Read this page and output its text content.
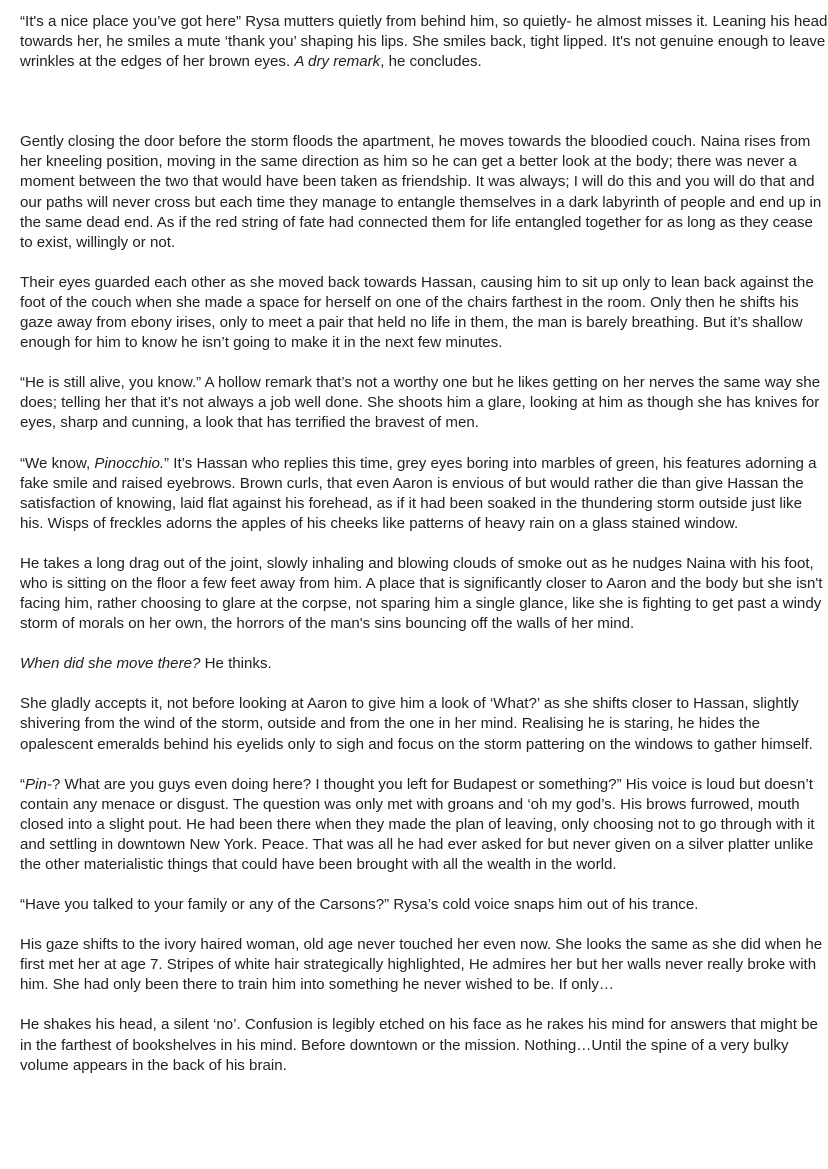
“It's a nice place you’ve got here” Rysa mutters quietly from behind him, so quietly- he almost misses it. Leaning his head towards her, he smiles a mute ‘thank you’ shaping his lips. She smiles back, tight lipped. It's not genuine enough to leave wrinkles at the edges of her brown eyes. A dry remark, he concludes.

Gently closing the door before the storm floods the apartment, he moves towards the bloodied couch. Naina rises from her kneeling position, moving in the same direction as him so he can get a better look at the body; there was never a moment between the two that would have been taken as friendship. It was always; I will do this and you will do that and our paths will never cross but each time they manage to entangle themselves in a dark labyrinth of people and end up in the same dead end. As if the red string of fate had connected them for life entangled together for as long as they cease to exist, willingly or not.

Their eyes guarded each other as she moved back towards Hassan, causing him to sit up only to lean back against the foot of the couch when she made a space for herself on one of the chairs farthest in the room. Only then he shifts his gaze away from ebony irises, only to meet a pair that held no life in them, the man is barely breathing. But it’s shallow enough for him to know he isn’t going to make it in the next few minutes.

“He is still alive, you know.” A hollow remark that’s not a worthy one but he likes getting on her nerves the same way she does; telling her that it’s not always a job well done. She shoots him a glare, looking at him as though she has knives for eyes, sharp and cunning, a look that has terrified the bravest of men.

“We know, Pinocchio.” It’s Hassan who replies this time, grey eyes boring into marbles of green, his features adorning a fake smile and raised eyebrows. Brown curls, that even Aaron is envious of but would rather die than give Hassan the satisfaction of knowing, laid flat against his forehead, as if it had been soaked in the thundering storm outside just like his. Wisps of freckles adorns the apples of his cheeks like patterns of heavy rain on a glass stained window.

He takes a long drag out of the joint, slowly inhaling and blowing clouds of smoke out as he nudges Naina with his foot, who is sitting on the floor a few feet away from him. A place that is significantly closer to Aaron and the body but she isn't facing him, rather choosing to glare at the corpse, not sparing him a single glance, like she is fighting to get past a windy storm of morals on her own, the horrors of the man's sins bouncing off the walls of her mind.

When did she move there? He thinks.

She gladly accepts it, not before looking at Aaron to give him a look of ‘What?’ as she shifts closer to Hassan, slightly shivering from the wind of the storm, outside and from the one in her mind. Realising he is staring, he hides the opalescent emeralds behind his eyelids only to sigh and focus on the storm pattering on the windows to gather himself.

“Pin-? What are you guys even doing here? I thought you left for Budapest or something?” His voice is loud but doesn’t contain any menace or disgust. The question was only met with groans and ‘oh my god’s. His brows furrowed, mouth closed into a slight pout. He had been there when they made the plan of leaving, only choosing not to go through with it and settling in downtown New York. Peace. That was all he had ever asked for but never given on a silver platter unlike the other materialistic things that could have been brought with all the wealth in the world.

“Have you talked to your family or any of the Carsons?” Rysa’s cold voice snaps him out of his trance.

His gaze shifts to the ivory haired woman, old age never touched her even now. She looks the same as she did when he first met her at age 7. Stripes of white hair strategically highlighted, He admires her but her walls never really broke with him. She had only been there to train him into something he never wished to be. If only…

He shakes his head, a silent ‘no’. Confusion is legibly etched on his face as he rakes his mind for answers that might be in the farthest of bookshelves in his mind. Before downtown or the mission. Nothing…Until the spine of a very bulky volume appears in the back of his brain.
